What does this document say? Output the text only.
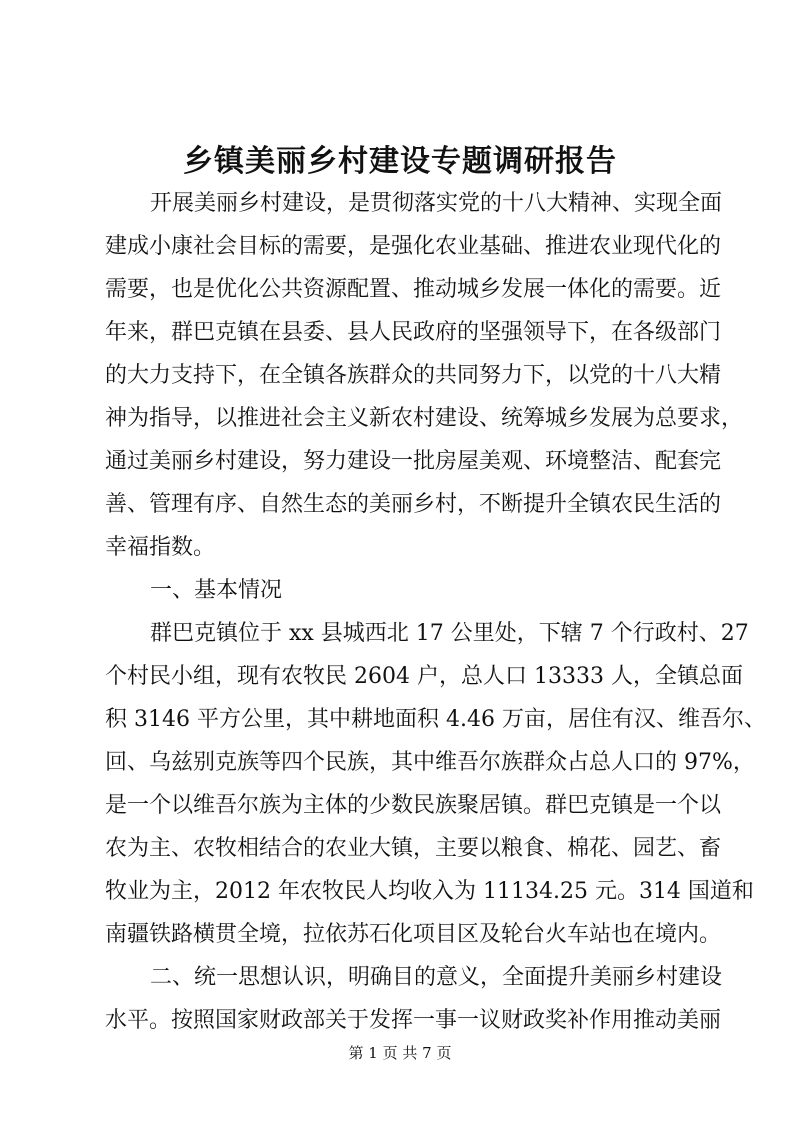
乡镇美丽乡村建设专题调研报告

开展美丽乡村建设，是贯彻落实党的十八大精神、实现全面

建成小康社会目标的需要，是强化农业基础、推进农业现代化的

需要，也是优化公共资源配置、推动城乡发展一体化的需要。近

年来，群巴克镇在县委、县人民政府的坚强领导下，在各级部门

的大力支持下，在全镇各族群众的共同努力下，以党的十八大精

神为指导，以推进社会主义新农村建设、统筹城乡发展为总要求，

通过美丽乡村建设，努力建设一批房屋美观、环境整洁、配套完

善、管理有序、自然生态的美丽乡村，不断提升全镇农民生活的

幸福指数。

一、基本情况

群巴克镇位于 xx 县城西北 17 公里处，下辖 7 个行政村、27

个村民小组，现有农牧民 2604 户，总人口 13333 人，全镇总面

积 3146 平方公里，其中耕地面积 4.46 万亩，居住有汉、维吾尔、

回、乌兹别克族等四个民族，其中维吾尔族群众占总人口的 97%，

是一个以维吾尔族为主体的少数民族聚居镇。群巴克镇是一个以

农为主、农牧相结合的农业大镇，主要以粮食、棉花、园艺、畜

牧业为主，2012 年农牧民人均收入为 11134.25 元。314 国道和

南疆铁路横贯全境，拉依苏石化项目区及轮台火车站也在境内。

二、统一思想认识，明确目的意义，全面提升美丽乡村建设

水平。按照国家财政部关于发挥一事一议财政奖补作用推动美丽

第 1 页 共 7 页
